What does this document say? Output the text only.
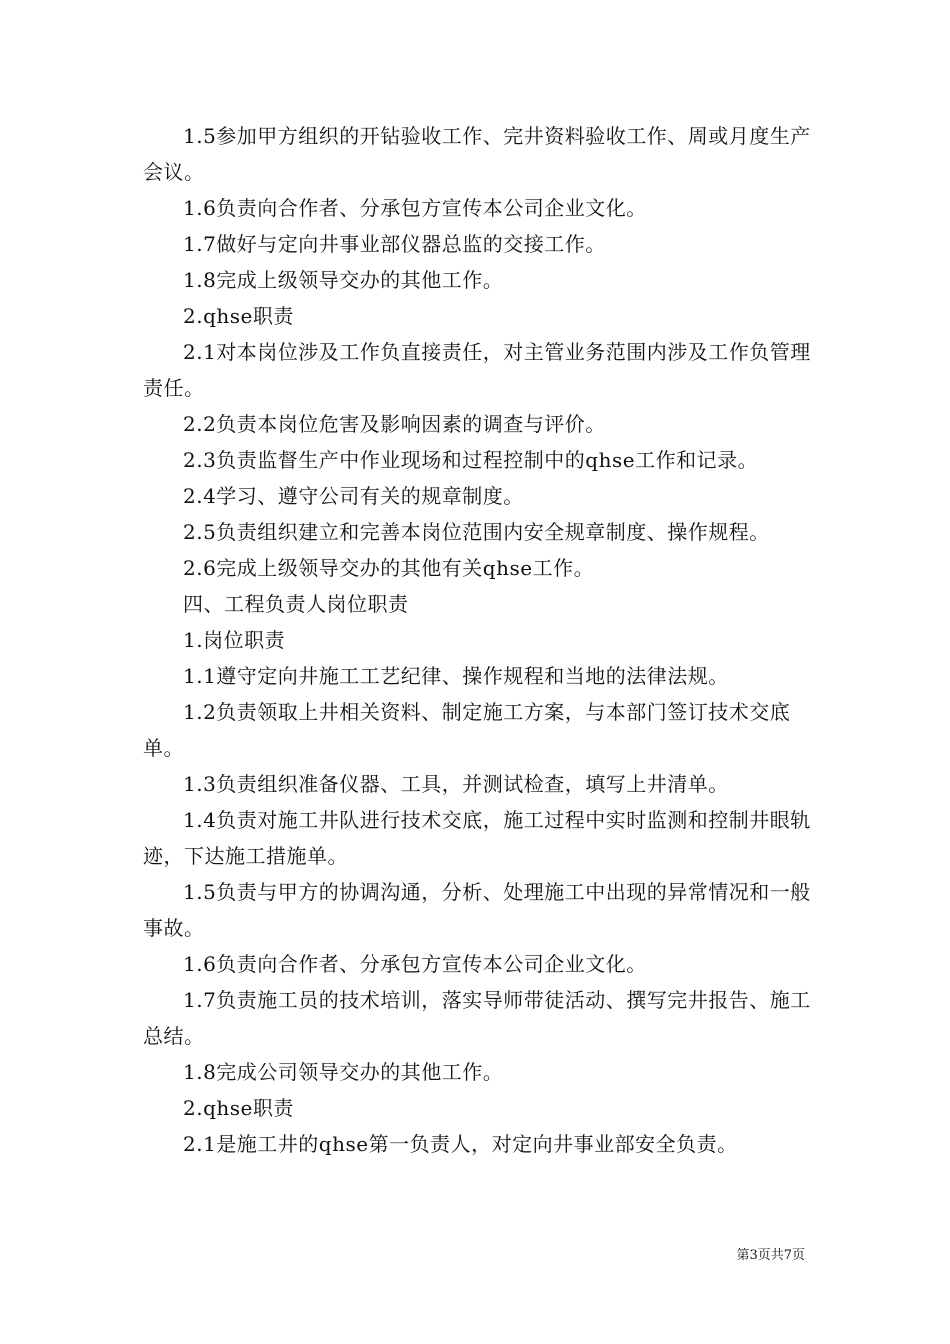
1.5参加甲方组织的开钻验收工作、完井资料验收工作、周或月度生产会议。

1.6负责向合作者、分承包方宣传本公司企业文化。

1.7做好与定向井事业部仪器总监的交接工作。

1.8完成上级领导交办的其他工作。

2.qhse职责

2.1对本岗位涉及工作负直接责任，对主管业务范围内涉及工作负管理责任。

2.2负责本岗位危害及影响因素的调查与评价。

2.3负责监督生产中作业现场和过程控制中的qhse工作和记录。

2.4学习、遵守公司有关的规章制度。

2.5负责组织建立和完善本岗位范围内安全规章制度、操作规程。

2.6完成上级领导交办的其他有关qhse工作。

四、工程负责人岗位职责

1.岗位职责

1.1遵守定向井施工工艺纪律、操作规程和当地的法律法规。

1.2负责领取上井相关资料、制定施工方案，与本部门签订技术交底单。

1.3负责组织准备仪器、工具，并测试检查，填写上井清单。

1.4负责对施工井队进行技术交底，施工过程中实时监测和控制井眼轨迹，下达施工措施单。

1.5负责与甲方的协调沟通，分析、处理施工中出现的异常情况和一般事故。

1.6负责向合作者、分承包方宣传本公司企业文化。

1.7负责施工员的技术培训，落实导师带徒活动、撰写完井报告、施工总结。

1.8完成公司领导交办的其他工作。

2.qhse职责

2.1是施工井的qhse第一负责人，对定向井事业部安全负责。

第3页共7页
